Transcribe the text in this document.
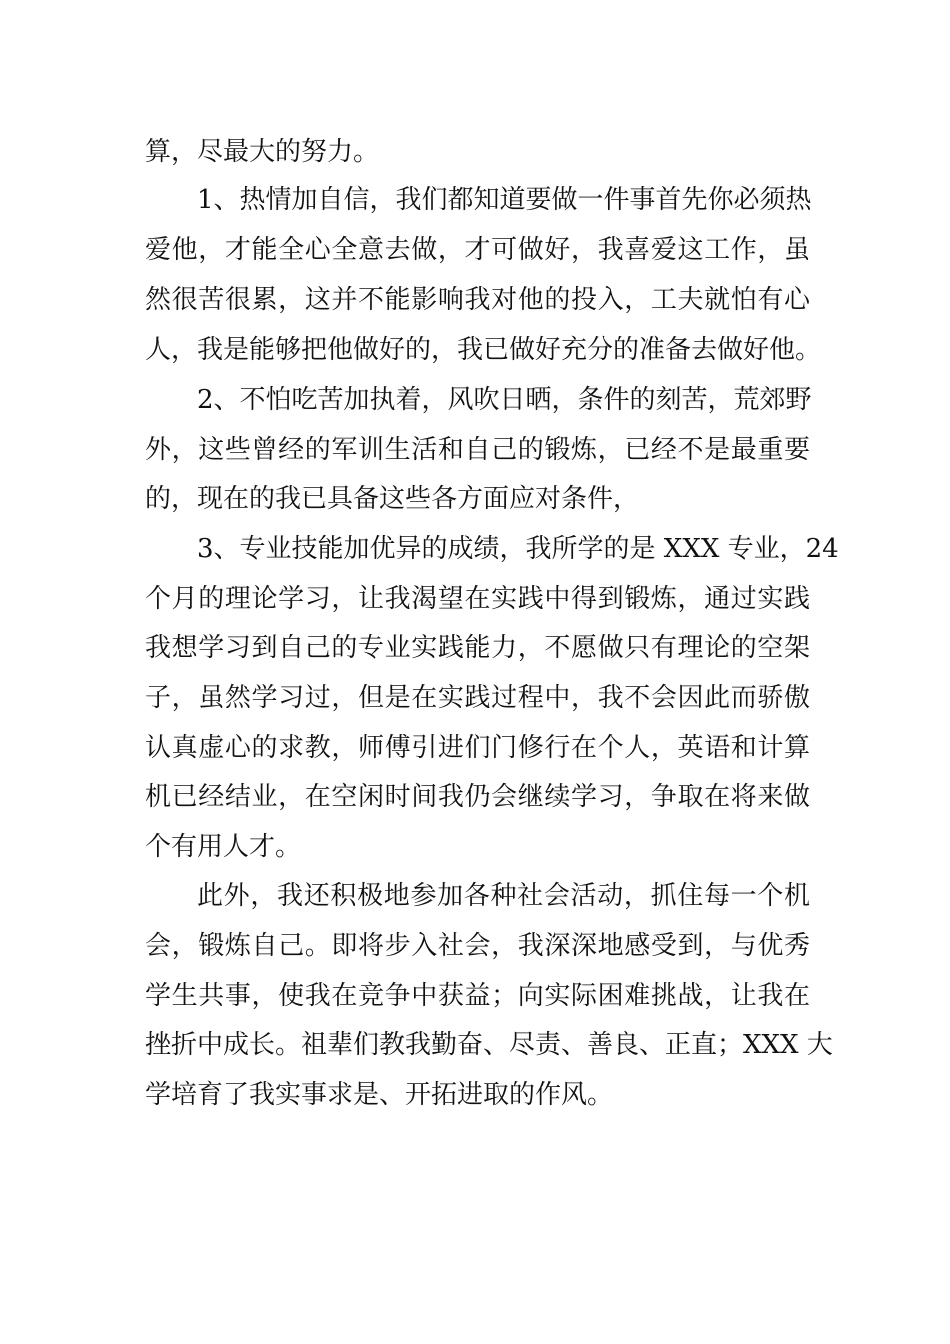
算，尽最大的努力。
1、热情加自信，我们都知道要做一件事首先你必须热
爱他，才能全心全意去做，才可做好，我喜爱这工作，虽
然很苦很累，这并不能影响我对他的投入，工夫就怕有心
人，我是能够把他做好的，我已做好充分的准备去做好他。
2、不怕吃苦加执着，风吹日晒，条件的刻苦，荒郊野
外，这些曾经的军训生活和自己的锻炼，已经不是最重要
的，现在的我已具备这些各方面应对条件，
3、专业技能加优异的成绩，我所学的是 XXX 专业，24
个月的理论学习，让我渴望在实践中得到锻炼，通过实践
我想学习到自己的专业实践能力，不愿做只有理论的空架
子，虽然学习过，但是在实践过程中，我不会因此而骄傲
认真虚心的求教，师傅引进们门修行在个人，英语和计算
机已经结业，在空闲时间我仍会继续学习，争取在将来做
个有用人才。
此外，我还积极地参加各种社会活动，抓住每一个机
会，锻炼自己。即将步入社会，我深深地感受到，与优秀
学生共事，使我在竞争中获益；向实际困难挑战，让我在
挫折中成长。祖辈们教我勤奋、尽责、善良、正直；XXX 大
学培育了我实事求是、开拓进取的作风。
